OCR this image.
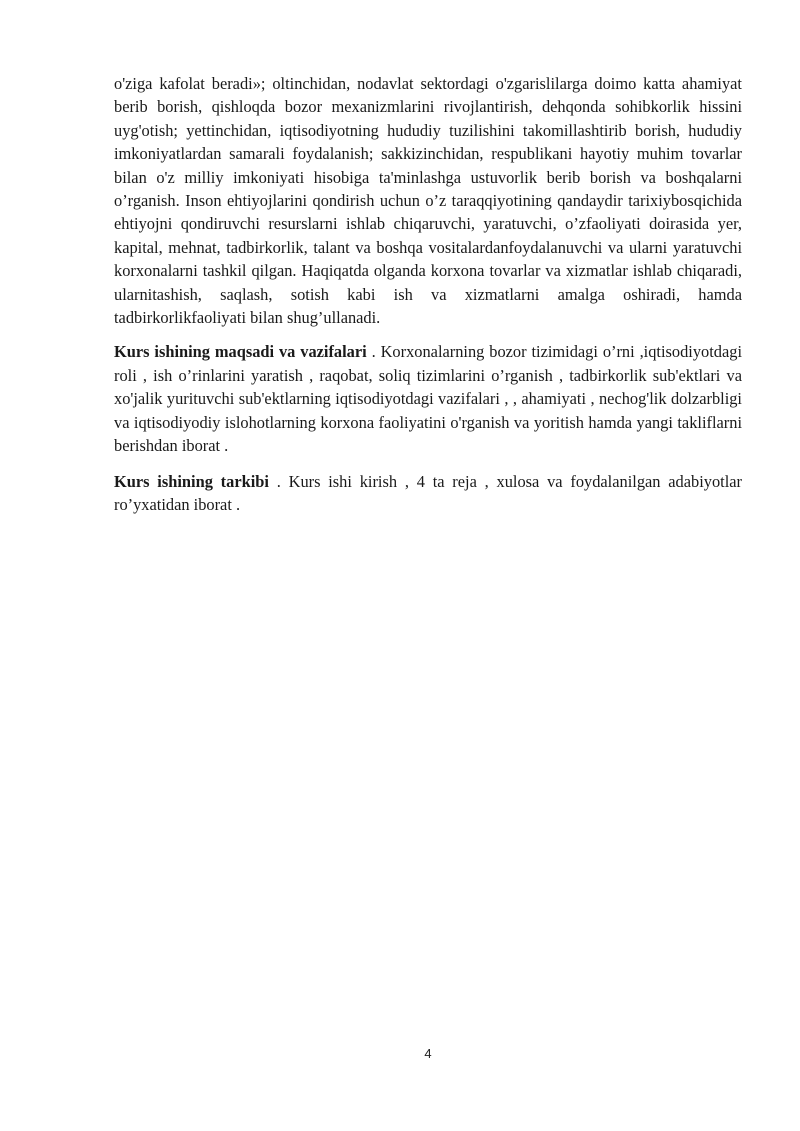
o'ziga kafolat beradi»; oltinchidan, nodavlat sektordagi o'zgarislilarga doimo katta ahamiyat berib borish, qishloqda bozor mexanizmlarini rivojlantirish, dehqonda sohibkorlik hissini uyg'otish; yettinchidan, iqtisodiyotning hududiy tuzilishini takomillashtirib borish, hududiy imkoniyatlardan samarali foydalanish; sakkizinchidan, respublikani hayotiy muhim tovarlar bilan o'z milliy imkoniyati hisobiga ta'minlashga ustuvorlik berib borish va boshqalarni o’rganish. Inson ehtiyojlarini qondirish uchun o’z taraqqiyotining qandaydir tarixiybosqichida ehtiyojni qondiruvchi resurslarni ishlab chiqaruvchi, yaratuvchi, o’zfaoliyati doirasida yer, kapital, mehnat, tadbirkorlik, talant va boshqa vositalardanfoydalanuvchi va ularni yaratuvchi korxonalarni tashkil qilgan. Haqiqatda olganda korxona tovarlar va xizmatlar ishlab chiqaradi, ularnitashish, saqlash, sotish kabi ish va xizmatlarni amalga oshiradi, hamda tadbirkorlikfaoliyati bilan shug’ullanadi.

Kurs ishining maqsadi va vazifalari . Korxonalarning bozor tizimidagi o’rni ,iqtisodiyotdagi roli , ish o’rinlarini yaratish , raqobat, soliq tizimlarini o’rganish , tadbirkorlik sub'ektlari va xo'jalik yurituvchi sub'ektlarning iqtisodiyotdagi vazifalari , , ahamiyati , nechog'lik dolzarbligi va iqtisodiyodiy islohotlarning korxona faoliyatini o'rganish va yoritish hamda yangi takliflarni berishdan iborat .

Kurs ishining tarkibi . Kurs ishi kirish , 4 ta reja , xulosa va foydalanilgan adabiyotlar ro’yxatidan iborat .

4
